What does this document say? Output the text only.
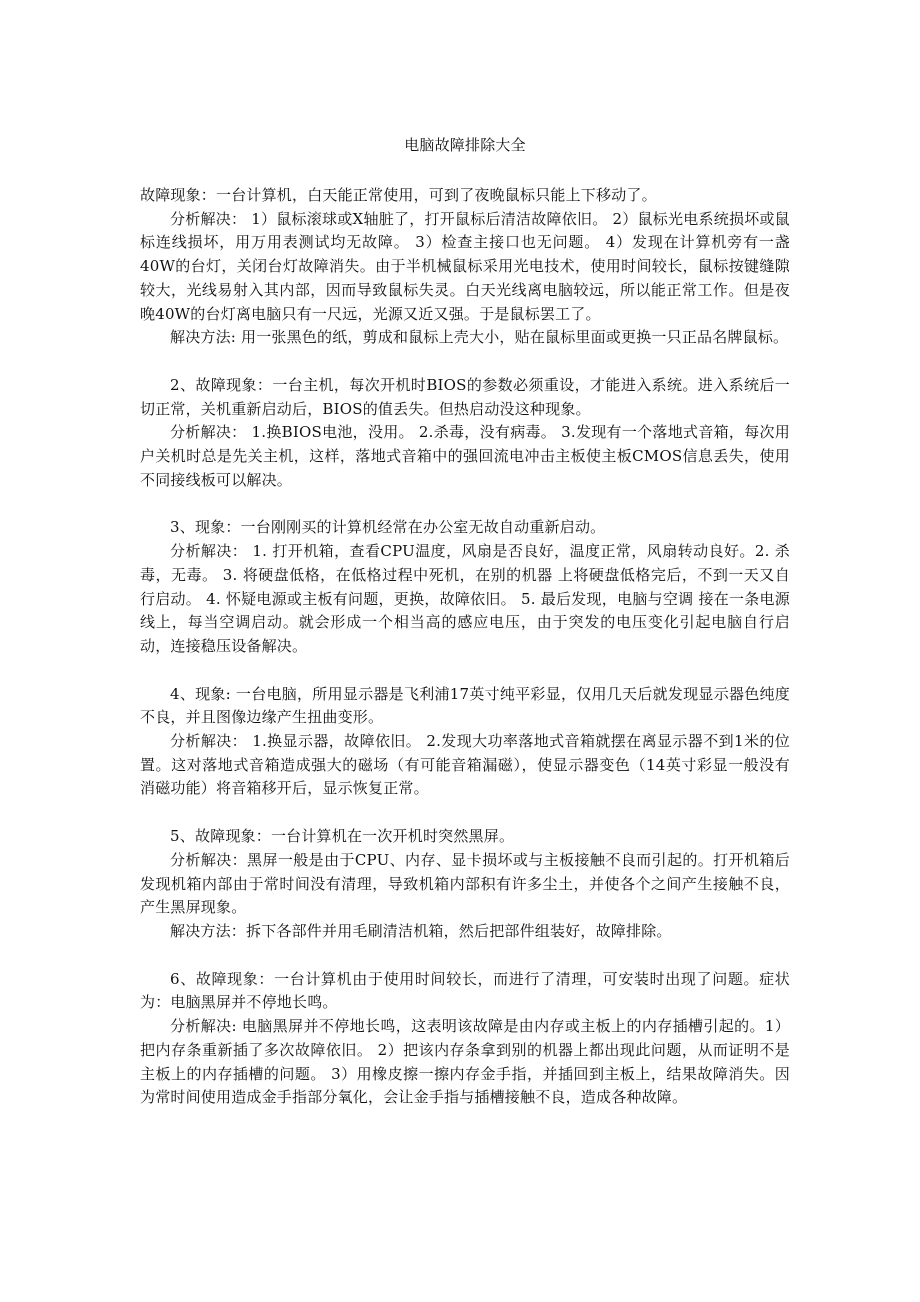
电脑故障排除大全

故障现象：一台计算机，白天能正常使用，可到了夜晚鼠标只能上下移动了。

分析解决： 1）鼠标滚球或X轴脏了，打开鼠标后清洁故障依旧。 2）鼠标光电系统损坏或鼠标连线损坏，用万用表测试均无故障。 3）检查主接口也无问题。 4）发现在计算机旁有一盏40W的台灯，关闭台灯故障消失。由于半机械鼠标采用光电技术，使用时间较长，鼠标按键缝隙较大，光线易射入其内部，因而导致鼠标失灵。白天光线离电脑较远，所以能正常工作。但是夜晚40W的台灯离电脑只有一尺远，光源又近又强。于是鼠标罢工了。

解决方法: 用一张黑色的纸，剪成和鼠标上壳大小，贴在鼠标里面或更换一只正品名牌鼠标。

2、故障现象：一台主机，每次开机时BIOS的参数必须重设，才能进入系统。进入系统后一切正常，关机重新启动后，BIOS的值丢失。但热启动没这种现象。

分析解决： 1.换BIOS电池，没用。 2.杀毒，没有病毒。 3.发现有一个落地式音箱，每次用户关机时总是先关主机，这样，落地式音箱中的强回流电冲击主板使主板CMOS信息丢失，使用不同接线板可以解决。

3、现象：一台刚刚买的计算机经常在办公室无故自动重新启动。

分析解决： 1. 打开机箱，查看CPU温度，风扇是否良好，温度正常，风扇转动良好。2. 杀毒，无毒。 3. 将硬盘低格，在低格过程中死机，在别的机器 上将硬盘低格完后，不到一天又自行启动。 4. 怀疑电源或主板有问题，更换，故障依旧。 5. 最后发现，电脑与空调 接在一条电源线上，每当空调启动。就会形成一个相当高的感应电压，由于突发的电压变化引起电脑自行启动，连接稳压设备解决。

4、现象: 一台电脑，所用显示器是飞利浦17英寸纯平彩显，仅用几天后就发现显示器色纯度不良，并且图像边缘产生扭曲变形。

分析解决： 1.换显示器，故障依旧。 2.发现大功率落地式音箱就摆在离显示器不到1米的位置。这对落地式音箱造成强大的磁场（有可能音箱漏磁），使显示器变色（14英寸彩显一般没有消磁功能）将音箱移开后，显示恢复正常。

5、故障现象：一台计算机在一次开机时突然黑屏。

分析解决：黑屏一般是由于CPU、内存、显卡损坏或与主板接触不良而引起的。打开机箱后发现机箱内部由于常时间没有清理，导致机箱内部积有许多尘土，并使各个之间产生接触不良，产生黑屏现象。

解决方法：拆下各部件并用毛刷清洁机箱，然后把部件组装好，故障排除。

6、故障现象：一台计算机由于使用时间较长，而进行了清理，可安装时出现了问题。症状为：电脑黑屏并不停地长鸣。

分析解决: 电脑黑屏并不停地长鸣，这表明该故障是由内存或主板上的内存插槽引起的。1）把内存条重新插了多次故障依旧。 2）把该内存条拿到别的机器上都出现此问题，从而证明不是主板上的内存插槽的问题。 3）用橡皮擦一擦内存金手指，并插回到主板上，结果故障消失。因为常时间使用造成金手指部分氧化，会让金手指与插槽接触不良，造成各种故障。
